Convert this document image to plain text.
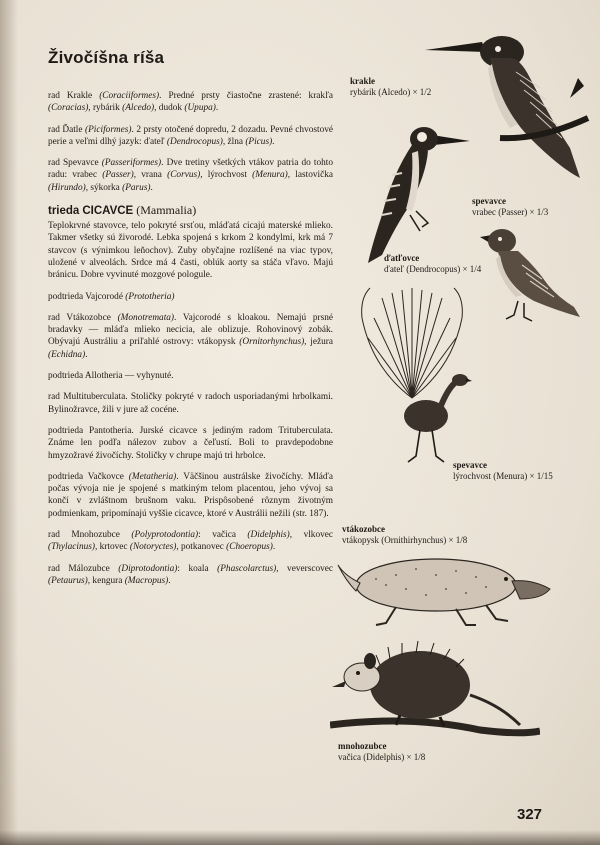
Živočíšna ríša

rad Krakle (Coraciiformes). Predné prsty čiastočne zrastené: krakľa (Coracias), rybárik (Alcedo), dudok (Upupa).

rad Ďatle (Piciformes). 2 prsty otočené dopredu, 2 dozadu. Pevné chvostové perie a veľmi dlhý jazyk: ďateľ (Dendrocopus), žlna (Picus).

rad Spevavce (Passeriformes). Dve tretiny všetkých vtákov patria do tohto radu: vrabec (Passer), vrana (Corvus), lýrochvost (Menura), lastovička (Hirundo), sýkorka (Parus).

trieda CICAVCE (Mammalia)

Teplokrvné stavovce, telo pokryté srsťou, mláďatá cicajú materské mlieko. Takmer všetky sú živorodé. Lebka spojená s krkom 2 kondylmi, krk má 7 stavcov (s výnimkou leňochov). Zuby obyčajne rozlíšené na viac typov, uložené v alveolách. Srdce má 4 časti, oblúk aorty sa stáča vľavo. Majú bránicu. Dobre vyvinuté mozgové pologule.

podtrieda Vajcorodé (Prototheria)

rad Vtákozobce (Monotremata). Vajcorodé s kloakou. Nemajú prsné bradavky — mláďa mlieko necicia, ale oblizuje. Rohovinový zobák. Obývajú Austráliu a priľahlé ostrovy: vtákopysk (Ornitorhynchus), ježura (Echidna).

podtrieda Allotheria — vyhynuté.

rad Multituberculata. Stoličky pokryté v radoch usporiadanými hrbolkami. Bylinožravce, žili v jure až cocéne.

podtrieda Pantotheria. Jurské cicavce s jediným radom Trituberculata. Známe len podľa nálezov zubov a čeľustí. Boli to pravdepodobne hmyzožravé živočíchy. Stoličky v chrupe majú tri hrbolce.

podtrieda Vačkovce (Metatheria). Väčšinou austrálske živočíchy. Mláďa počas vývoja nie je spojené s matkiným telom placentou, jeho vývoj sa končí v zvláštnom brušnom vaku. Prispôsobené rôznym životným podmienkam, pripomínajú vyššie cicavce, ktoré v Austrálii nežili (str. 187).

rad Mnohozubce (Polyprotodontia): vačica (Didelphis), vlkovec (Thylacinus), krtovec (Notoryctes), potkanovec (Choeropus).

rad Málozubce (Diprotodontia): koala (Phascolarctus), veverscovec (Petaurus), kengura (Macropus).

krakle
rybárik (Alcedo) × 1/2
ďatľovce
ďateľ (Dendrocopus) × 1/4
spevavce
vrabec (Passer) × 1/3
spevavce
lýrochvost (Menura) × 1/15
vtákozobce
vtákopysk (Ornithirhynchus) × 1/8
mnohozubce
vačica (Didelphis) × 1/8
327
